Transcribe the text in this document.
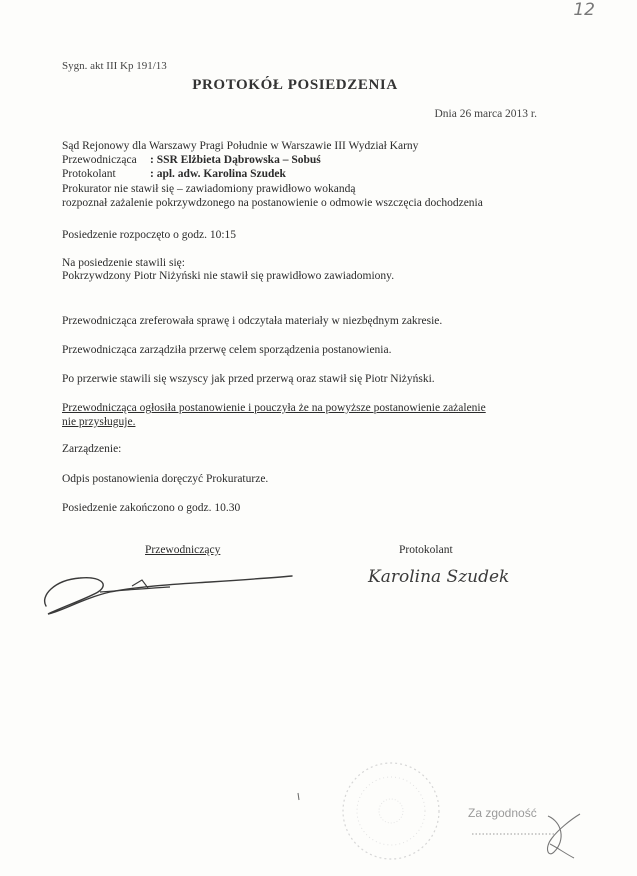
12
Sygn. akt III Kp 191/13
PROTOKÓŁ POSIEDZENIA
Dnia 26 marca 2013 r.
Sąd Rejonowy dla Warszawy Pragi Południe w Warszawie III Wydział Karny
Przewodnicząca : SSR Elżbieta Dąbrowska – Sobuś
Protokolant	: apl. adw. Karolina Szudek
Prokurator nie stawił się – zawiadomiony prawidłowo wokandą
rozpoznał zażalenie pokrzywdzonego na postanowienie o odmowie wszczęcia dochodzenia
Posiedzenie rozpoczęto o godz. 10:15
Na posiedzenie stawili się:
Pokrzywdzony Piotr Niżyński nie stawił się prawidłowo zawiadomiony.
Przewodnicząca zreferowała sprawę i odczytała materiały w niezbędnym zakresie.
Przewodnicząca zarządziła przerwę celem sporządzenia postanowienia.
Po przerwie stawili się wszyscy jak przed przerwą oraz stawił się Piotr Niżyński.
Przewodnicząca ogłosiła postanowienie i pouczyła że na powyższe postanowienie zażalenie
nie przysługuje.
Zarządzenie:
Odpis postanowienia doręczyć Prokuraturze.
Posiedzenie zakończono o godz. 10.30
Przewodniczący	Protokolant
Karolina Szudek
Za zgodność
